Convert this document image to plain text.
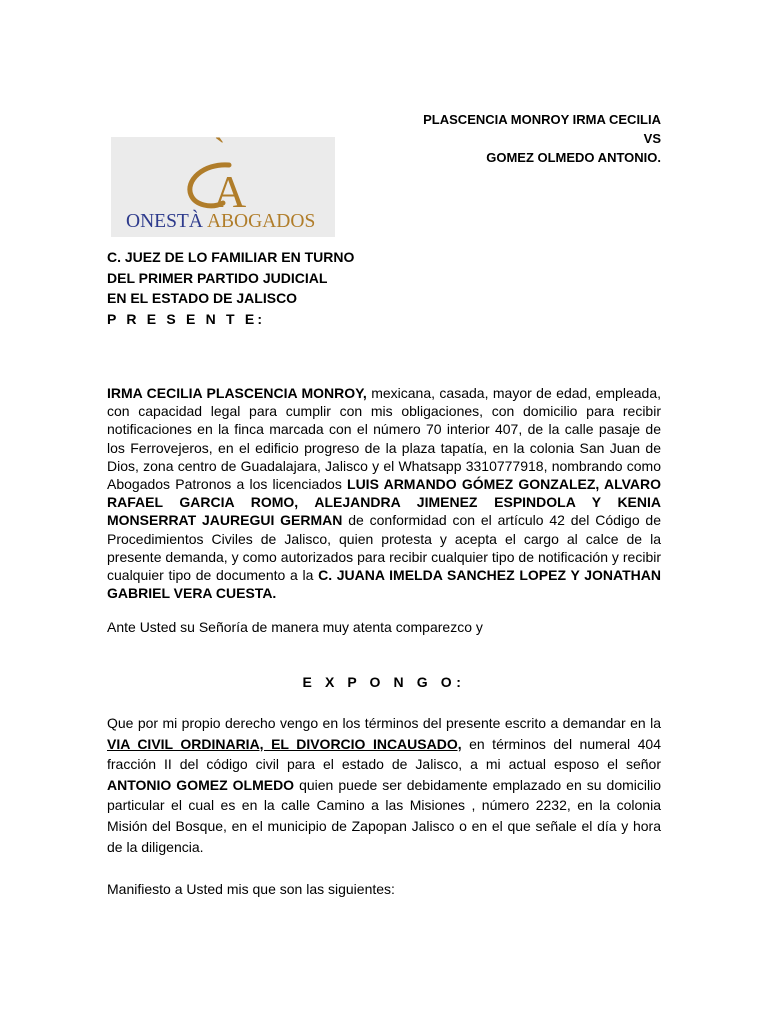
PLASCENCIA MONROY IRMA CECILIA
VS
GOMEZ OLMEDO ANTONIO.
`
A
ONESTÀ ABOGADOS
C. JUEZ DE LO FAMILIAR EN TURNO
DEL PRIMER PARTIDO JUDICIAL
EN EL ESTADO DE JALISCO
P R E S E N T E:

IRMA CECILIA PLASCENCIA MONROY, mexicana, casada, mayor de edad, empleada, con capacidad legal para cumplir con mis obligaciones, con domicilio para recibir notificaciones en la finca marcada con el número 70 interior 407, de la calle pasaje de los Ferrovejeros, en el edificio progreso de la plaza tapatía, en la colonia San Juan de Dios, zona centro de Guadalajara, Jalisco y el Whatsapp 3310777918, nombrando como Abogados Patronos a los licenciados LUIS ARMANDO GÓMEZ GONZALEZ, ALVARO RAFAEL GARCIA ROMO, ALEJANDRA JIMENEZ ESPINDOLA Y KENIA MONSERRAT JAUREGUI GERMAN de conformidad con el artículo 42 del Código de Procedimientos Civiles de Jalisco, quien protesta y acepta el cargo al calce de la presente demanda, y como autorizados para recibir cualquier tipo de notificación y recibir cualquier tipo de documento a la C. JUANA IMELDA SANCHEZ LOPEZ Y JONATHAN GABRIEL VERA CUESTA.

Ante Usted su Señoría de manera muy atenta comparezco y

E X P O N G O:

Que por mi propio derecho vengo en los términos del presente escrito a demandar en la VIA CIVIL ORDINARIA, EL DIVORCIO INCAUSADO, en términos del numeral 404 fracción II del código civil para el estado de Jalisco, a mi actual esposo el señor ANTONIO GOMEZ OLMEDO quien puede ser debidamente emplazado en su domicilio particular el cual es en la calle Camino a las Misiones , número 2232, en la colonia Misión del Bosque, en el municipio de Zapopan Jalisco o en el que señale el día y hora de la diligencia.

Manifiesto a Usted mis que son las siguientes:
